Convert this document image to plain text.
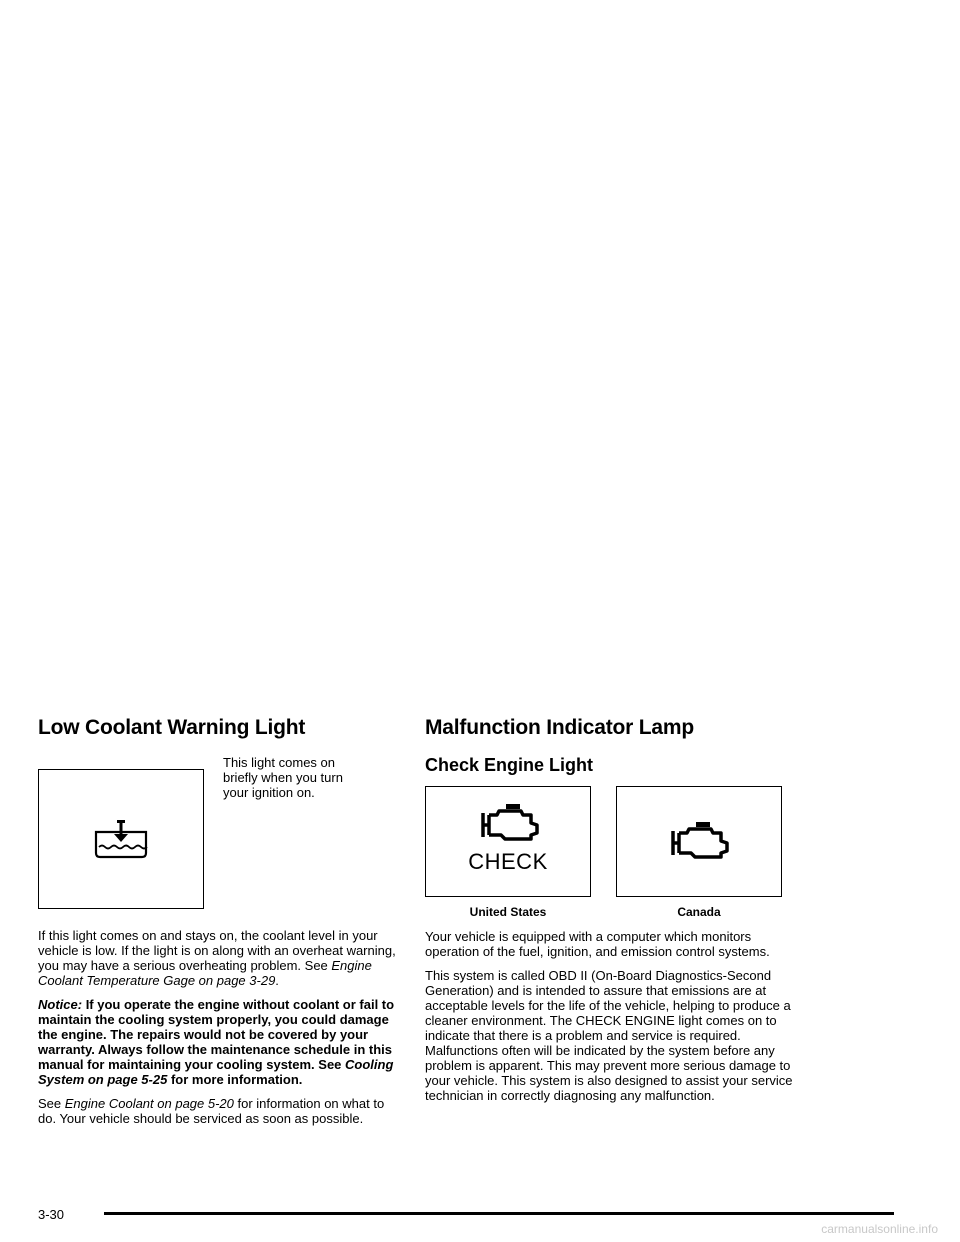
Low Coolant Warning Light

This light comes on

briefly when you turn

your ignition on.

If this light comes on and stays on, the coolant level in your vehicle is low. If the light is on along with an overheat warning, you may have a serious overheating problem. See Engine Coolant Temperature Gage on page 3-29.

Notice: If you operate the engine without coolant or fail to maintain the cooling system properly, you could damage the engine. The repairs would not be covered by your warranty. Always follow the maintenance schedule in this manual for maintaining your cooling system. See Cooling System on page 5-25 for more information.

See Engine Coolant on page 5-20 for information on what to do. Your vehicle should be serviced as soon as possible.

Malfunction Indicator Lamp
Check Engine Light
CHECK
United States	Canada

Your vehicle is equipped with a computer which monitors operation of the fuel, ignition, and emission control systems.

This system is called OBD II (On-Board Diagnostics-Second Generation) and is intended to assure that emissions are at acceptable levels for the life of the vehicle, helping to produce a cleaner environment. The CHECK ENGINE light comes on to indicate that there is a problem and service is required. Malfunctions often will be indicated by the system before any problem is apparent. This may prevent more serious damage to your vehicle. This system is also designed to assist your service technician in correctly diagnosing any malfunction.

3-30
carmanualsonline.info
